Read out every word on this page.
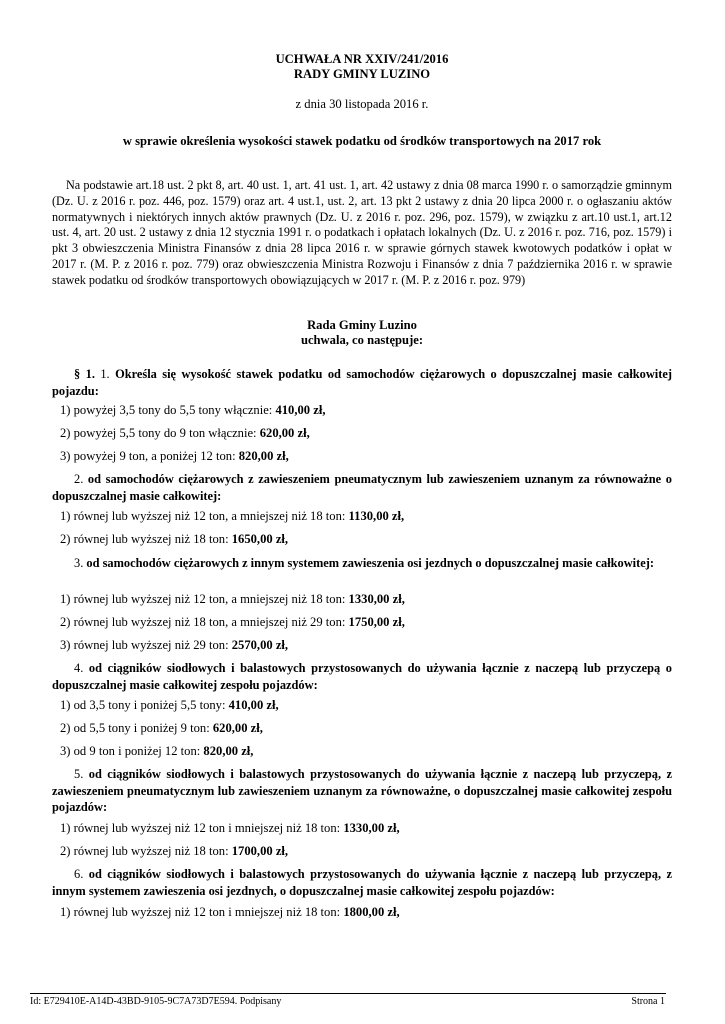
UCHWAŁA NR XXIV/241/2016
RADY GMINY LUZINO
z dnia 30 listopada 2016 r.
w sprawie określenia wysokości stawek podatku od środków transportowych na 2017 rok
Na podstawie art.18 ust. 2 pkt 8, art. 40 ust. 1, art. 41 ust. 1, art. 42 ustawy z dnia 08 marca 1990 r. o samorządzie gminnym (Dz. U. z 2016 r. poz. 446, poz. 1579) oraz art. 4 ust.1, ust. 2, art. 13 pkt 2 ustawy z dnia 20 lipca 2000 r. o ogłaszaniu aktów normatywnych i niektórych innych aktów prawnych (Dz. U. z 2016 r. poz. 296, poz. 1579), w związku z art.10 ust.1, art.12 ust. 4, art. 20 ust. 2 ustawy z dnia 12 stycznia 1991 r. o podatkach i opłatach lokalnych (Dz. U. z 2016 r. poz. 716, poz. 1579) i pkt 3 obwieszczenia Ministra Finansów z dnia 28 lipca 2016 r. w sprawie górnych stawek kwotowych podatków i opłat w 2017 r. (M. P. z 2016 r. poz. 779) oraz obwieszczenia Ministra Rozwoju i Finansów z dnia 7 października 2016 r. w sprawie stawek podatku od środków transportowych obowiązujących w 2017 r. (M. P. z 2016 r. poz. 979)
Rada Gminy Luzino
uchwala, co następuje:
§ 1. 1. Określa się wysokość stawek podatku od samochodów ciężarowych o dopuszczalnej masie całkowitej pojazdu:
1) powyżej 3,5 tony do 5,5 tony włącznie: 410,00 zł,
2) powyżej 5,5 tony do 9 ton włącznie: 620,00 zł,
3) powyżej 9 ton, a poniżej 12 ton: 820,00 zł,
2. od samochodów ciężarowych z zawieszeniem pneumatycznym lub zawieszeniem uznanym za równoważne o dopuszczalnej masie całkowitej:
1) równej lub wyższej niż 12 ton, a mniejszej niż 18 ton: 1130,00 zł,
2) równej lub wyższej niż 18 ton: 1650,00 zł,
3. od samochodów ciężarowych z innym systemem zawieszenia osi jezdnych o dopuszczalnej masie całkowitej:
1) równej lub wyższej niż 12 ton, a mniejszej niż 18 ton: 1330,00 zł,
2) równej lub wyższej niż 18 ton, a mniejszej niż 29 ton: 1750,00 zł,
3) równej lub wyższej niż 29 ton: 2570,00 zł,
4. od ciągników siodłowych i balastowych przystosowanych do używania łącznie z naczepą lub przyczepą o dopuszczalnej masie całkowitej zespołu pojazdów:
1) od 3,5 tony i poniżej 5,5 tony: 410,00 zł,
2) od 5,5 tony i poniżej 9 ton: 620,00 zł,
3) od 9 ton i poniżej 12 ton: 820,00 zł,
5. od ciągników siodłowych i balastowych przystosowanych do używania łącznie z naczepą lub przyczepą, z zawieszeniem pneumatycznym lub zawieszeniem uznanym za równoważne, o dopuszczalnej masie całkowitej zespołu pojazdów:
1) równej lub wyższej niż 12 ton i mniejszej niż 18 ton: 1330,00 zł,
2) równej lub wyższej niż 18 ton: 1700,00 zł,
6. od ciągników siodłowych i balastowych przystosowanych do używania łącznie z naczepą lub przyczepą, z innym systemem zawieszenia osi jezdnych, o dopuszczalnej masie całkowitej zespołu pojazdów:
1) równej lub wyższej niż 12 ton i mniejszej niż 18 ton: 1800,00 zł,
Id: E729410E-A14D-43BD-9105-9C7A73D7E594. Podpisany	Strona 1
